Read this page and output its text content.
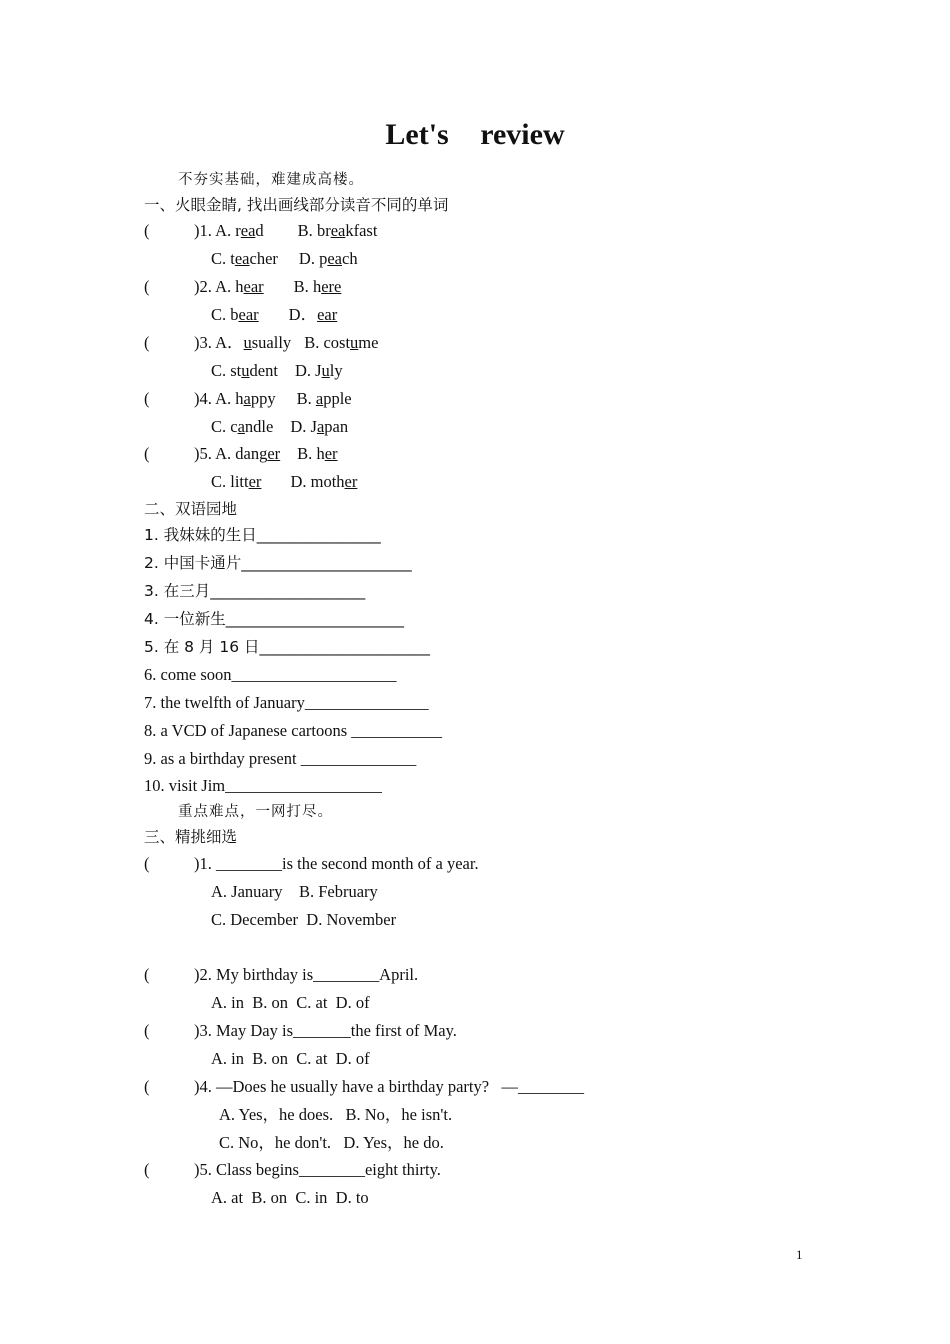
Let's review
不夯实基础，难建成高楼。
一、火眼金睛, 找出画线部分读音不同的单词
(	)1. A. read B. breakfast
C. teacher D. peach
(	)2. A. hear B. here
C. bear D．ear
(	)3. A．usually B. costume
C. student D. July
(	)4. A. happy B. apple
C. candle D. Japan
(	)5. A. danger B. her
C. litter D. mother
二、双语园地
1. 我妹妹的生日________________
2. 中国卡通片______________________
3. 在三月____________________
4. 一位新生_______________________
5. 在 8 月 16 日______________________
6. come soon____________________
7. the twelfth of January_______________
8. a VCD of Japanese cartoons ___________
9. as a birthday present ______________
10. visit Jim___________________
重点难点，一网打尽。
三、精挑细选
(	)1. ________is the second month of a year.
A. January    B. February
C. December  D. November
(	)2. My birthday is________April.
A. in  B. on  C. at  D. of
(	)3. May Day is_______the first of May.
A. in  B. on  C. at  D. of
(	)4. —Does he usually have a birthday party?   —________
A. Yes，he does.   B. No，he isn't.
C. No，he don't.   D. Yes，he do.
(	)5. Class begins________eight thirty.
A. at  B. on  C. in  D. to
1
